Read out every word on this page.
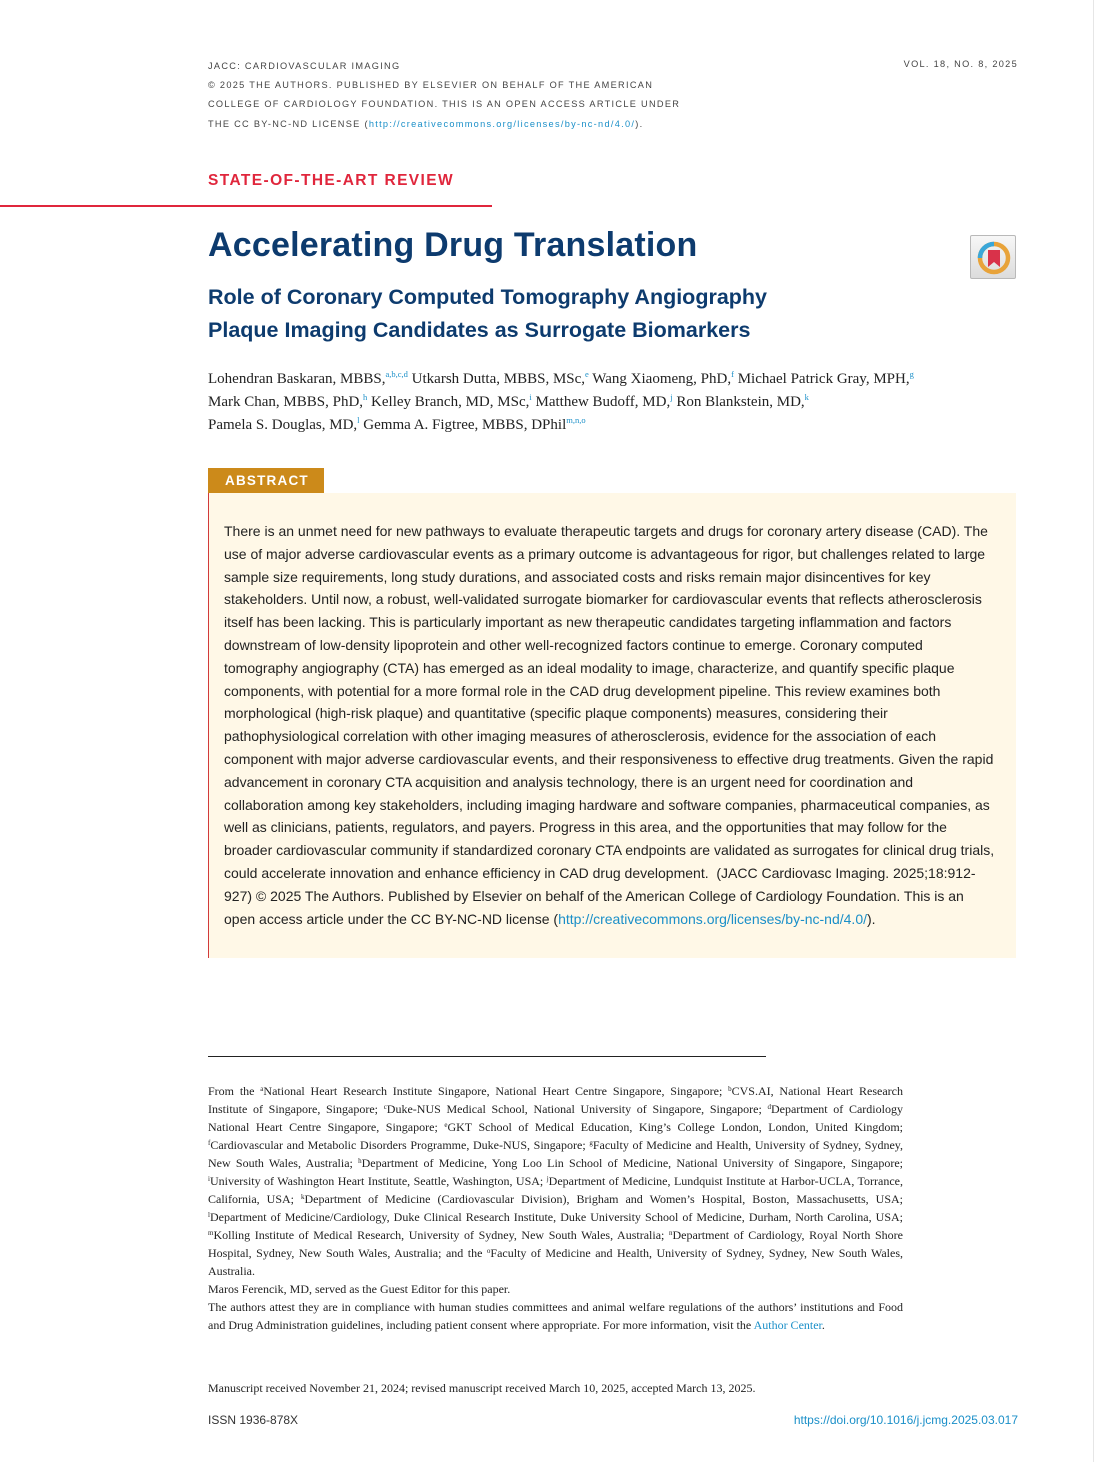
JACC: CARDIOVASCULAR IMAGING
© 2025 THE AUTHORS. PUBLISHED BY ELSEVIER ON BEHALF OF THE AMERICAN
COLLEGE OF CARDIOLOGY FOUNDATION. THIS IS AN OPEN ACCESS ARTICLE UNDER
THE CC BY-NC-ND LICENSE (http://creativecommons.org/licenses/by-nc-nd/4.0/).
VOL. 18, NO. 8, 2025
STATE-OF-THE-ART REVIEW
Accelerating Drug Translation
Role of Coronary Computed Tomography Angiography
Plaque Imaging Candidates as Surrogate Biomarkers

Lohendran Baskaran, MBBS,$^{a,b,c,d}$ Utkarsh Dutta, MBBS, MSc,$^e$ Wang Xiaomeng, PhD,$^f$ Michael Patrick Gray, MPH,$^g$

Mark Chan, MBBS, PhD,$^h$ Kelley Branch, MD, MSc,$^i$ Matthew Budoff, MD,$^j$ Ron Blankstein, MD,$^k$

Pamela S. Douglas, MD,$^l$ Gemma A. Figtree, MBBS, DPhil$^{m,n,o}$

ABSTRACT

There is an unmet need for new pathways to evaluate therapeutic targets and drugs for coronary artery disease (CAD). The use of major adverse cardiovascular events as a primary outcome is advantageous for rigor, but challenges related to large sample size requirements, long study durations, and associated costs and risks remain major disincentives for key stakeholders. Until now, a robust, well-validated surrogate biomarker for cardiovascular events that reflects atherosclerosis itself has been lacking. This is particularly important as new therapeutic candidates targeting inflammation and factors downstream of low-density lipoprotein and other well-recognized factors continue to emerge. Coronary computed tomography angiography (CTA) has emerged as an ideal modality to image, characterize, and quantify specific plaque components, with potential for a more formal role in the CAD drug development pipeline. This review examines both morphological (high-risk plaque) and quantitative (specific plaque components) measures, considering their pathophysiological correlation with other imaging measures of atherosclerosis, evidence for the association of each component with major adverse cardiovascular events, and their responsiveness to effective drug treatments. Given the rapid advancement in coronary CTA acquisition and analysis technology, there is an urgent need for coordination and collaboration among key stakeholders, including imaging hardware and software companies, pharmaceutical companies, as well as clinicians, patients, regulators, and payers. Progress in this area, and the opportunities that may follow for the broader cardiovascular community if standardized coronary CTA endpoints are validated as surrogates for clinical drug trials, could accelerate innovation and enhance efficiency in CAD drug development. (JACC Cardiovasc Imaging. 2025;18:912-927) © 2025 The Authors. Published by Elsevier on behalf of the American College of Cardiology Foundation. This is an open access article under the CC BY-NC-ND license (http://creativecommons.org/licenses/by-nc-nd/4.0/).

From the $^a$National Heart Research Institute Singapore, National Heart Centre Singapore, Singapore; $^b$CVS.AI, National Heart Research Institute of Singapore, Singapore; $^c$Duke-NUS Medical School, National University of Singapore, Singapore; $^d$Department of Cardiology National Heart Centre Singapore, Singapore; $^e$GKT School of Medical Education, King’s College London, London, United Kingdom; $^f$Cardiovascular and Metabolic Disorders Programme, Duke-NUS, Singapore; $^g$Faculty of Medicine and Health, University of Sydney, Sydney, New South Wales, Australia; $^h$Department of Medicine, Yong Loo Lin School of Medicine, National University of Singapore, Singapore; $^i$University of Washington Heart Institute, Seattle, Washington, USA; $^j$Department of Medicine, Lundquist Institute at Harbor-UCLA, Torrance, California, USA; $^k$Department of Medicine (Cardiovascular Division), Brigham and Women’s Hospital, Boston, Massachusetts, USA; $^l$Department of Medicine/Cardiology, Duke Clinical Research Institute, Duke University School of Medicine, Durham, North Carolina, USA; $^m$Kolling Institute of Medical Research, University of Sydney, New South Wales, Australia; $^n$Department of Cardiology, Royal North Shore Hospital, Sydney, New South Wales, Australia; and the $^o$Faculty of Medicine and Health, University of Sydney, Sydney, New South Wales, Australia.

Maros Ferencik, MD, served as the Guest Editor for this paper.

The authors attest they are in compliance with human studies committees and animal welfare regulations of the authors’ institutions and Food and Drug Administration guidelines, including patient consent where appropriate. For more information, visit the Author Center.

Manuscript received November 21, 2024; revised manuscript received March 10, 2025, accepted March 13, 2025.
ISSN 1936-878X	https://doi.org/10.1016/j.jcmg.2025.03.017
